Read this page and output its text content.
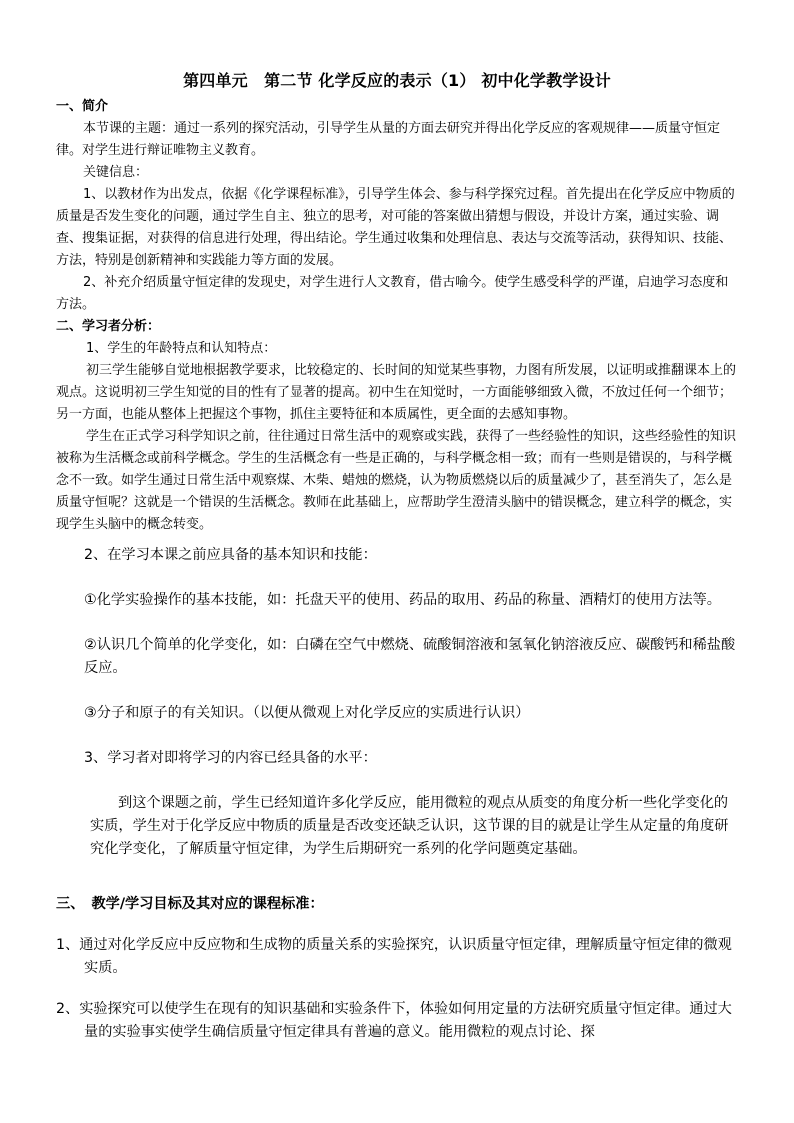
第四单元　第二节 化学反应的表示（1） 初中化学教学设计

一、简介

本节课的主题：通过一系列的探究活动，引导学生从量的方面去研究并得出化学反应的客观规律——质量守恒定律。对学生进行辩证唯物主义教育。

关键信息：

1、以教材作为出发点，依据《化学课程标准》，引导学生体会、参与科学探究过程。首先提出在化学反应中物质的质量是否发生变化的问题，通过学生自主、独立的思考，对可能的答案做出猜想与假设，并设计方案，通过实验、调查、搜集证据，对获得的信息进行处理，得出结论。学生通过收集和处理信息、表达与交流等活动，获得知识、技能、方法，特别是创新精神和实践能力等方面的发展。

2、补充介绍质量守恒定律的发现史，对学生进行人文教育，借古喻今。使学生感受科学的严谨，启迪学习态度和方法。

二、学习者分析：

1、学生的年龄特点和认知特点：

初三学生能够自觉地根据教学要求，比较稳定的、长时间的知觉某些事物，力图有所发展，以证明或推翻课本上的观点。这说明初三学生知觉的目的性有了显著的提高。初中生在知觉时，一方面能够细致入微，不放过任何一个细节；另一方面，也能从整体上把握这个事物，抓住主要特征和本质属性，更全面的去感知事物。

学生在正式学习科学知识之前，往往通过日常生活中的观察或实践，获得了一些经验性的知识，这些经验性的知识被称为生活概念或前科学概念。学生的生活概念有一些是正确的，与科学概念相一致；而有一些则是错误的，与科学概念不一致。如学生通过日常生活中观察煤、木柴、蜡烛的燃烧，认为物质燃烧以后的质量减少了，甚至消失了，怎么是质量守恒呢？这就是一个错误的生活概念。教师在此基础上，应帮助学生澄清头脑中的错误概念，建立科学的概念，实现学生头脑中的概念转变。

2、在学习本课之前应具备的基本知识和技能：

①化学实验操作的基本技能，如：托盘天平的使用、药品的取用、药品的称量、酒精灯的使用方法等。

②认识几个简单的化学变化，如：白磷在空气中燃烧、硫酸铜溶液和氢氧化钠溶液反应、碳酸钙和稀盐酸反应。

③分子和原子的有关知识。（以便从微观上对化学反应的实质进行认识）

3、学习者对即将学习的内容已经具备的水平：

到这个课题之前，学生已经知道许多化学反应，能用微粒的观点从质变的角度分析一些化学变化的实质，学生对于化学反应中物质的质量是否改变还缺乏认识，这节课的目的就是让学生从定量的角度研究化学变化，了解质量守恒定律，为学生后期研究一系列的化学问题奠定基础。

三、　教学/学习目标及其对应的课程标准：

1、通过对化学反应中反应物和生成物的质量关系的实验探究，认识质量守恒定律，理解质量守恒定律的微观实质。

2、实验探究可以使学生在现有的知识基础和实验条件下，体验如何用定量的方法研究质量守恒定律。通过大量的实验事实使学生确信质量守恒定律具有普遍的意义。能用微粒的观点讨论、探
